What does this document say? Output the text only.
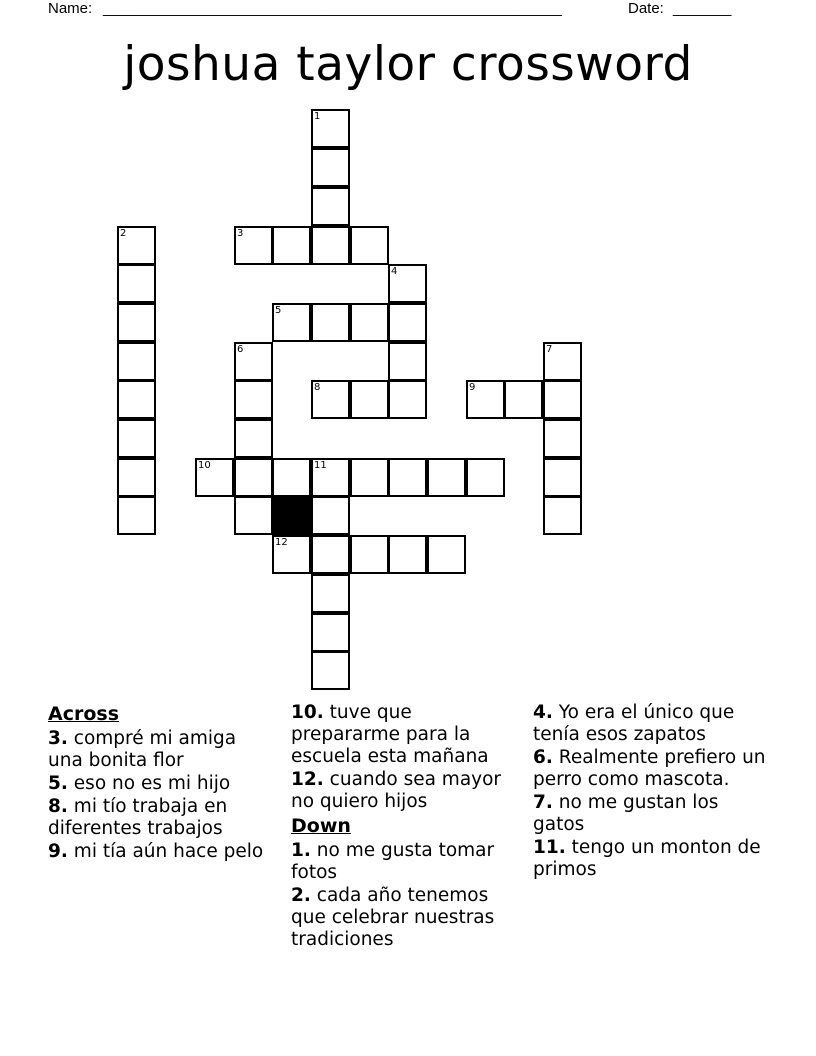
Name: _______________________________________________________	Date: _______
joshua taylor crossword
1
2	3
4
5
6	7
8	9
10	11
12
Across
3. compré mi amiga una bonita flor
5. eso no es mi hijo
8. mi tío trabaja en diferentes trabajos
9. mi tía aún hace pelo
10. tuve que prepararme para la escuela esta mañana
12. cuando sea mayor no quiero hijos
Down
1. no me gusta tomar fotos
2. cada año tenemos que celebrar nuestras tradiciones
4. Yo era el único que tenía esos zapatos
6. Realmente prefiero un perro como mascota.
7. no me gustan los gatos
11. tengo un monton de primos
